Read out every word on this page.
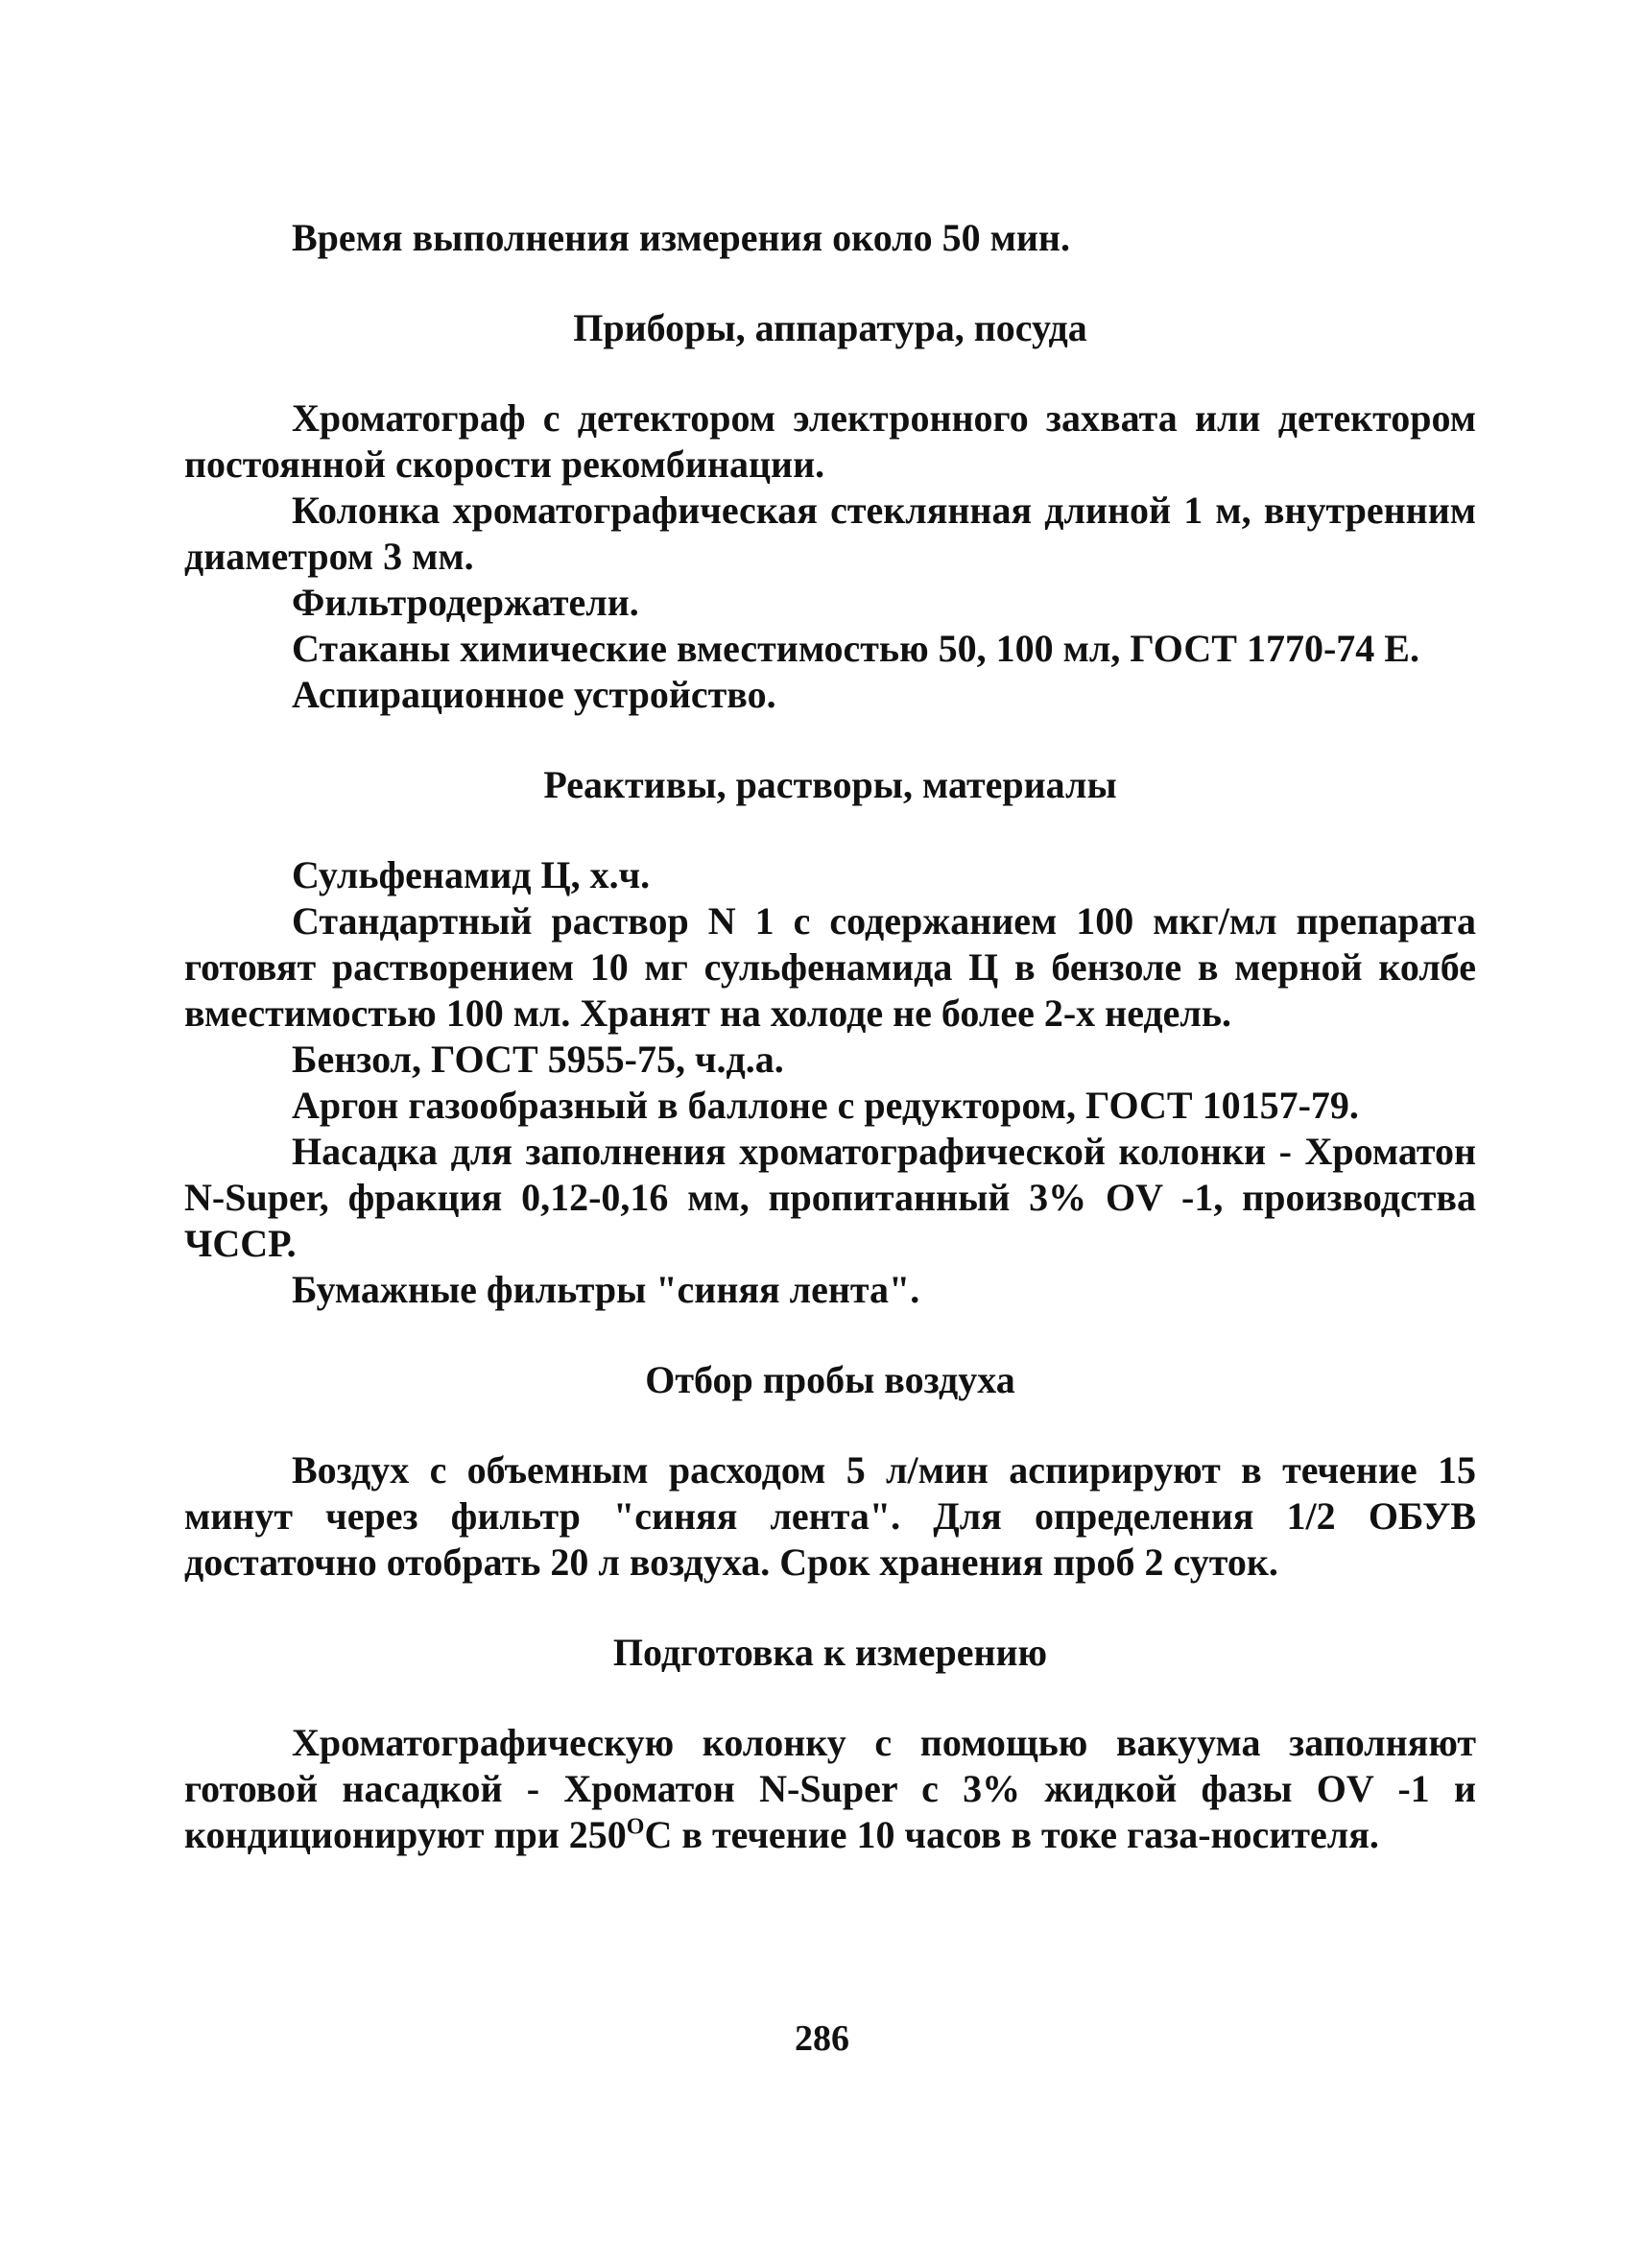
Время выполнения измерения около 50 мин.

Приборы, аппаратура, посуда

Хроматограф с детектором электронного захвата или детектором постоянной скорости рекомбинации.

Колонка хроматографическая стеклянная длиной 1 м, внутренним диаметром 3 мм.

Фильтродержатели.

Стаканы химические вместимостью 50, 100 мл, ГОСТ 1770-74 Е.

Аспирационное устройство.

Реактивы, растворы, материалы

Сульфенамид Ц, х.ч.

Стандартный раствор N 1 с содержанием 100 мкг/мл препарата готовят растворением 10 мг сульфенамида Ц в бензоле в мерной колбе вместимостью 100 мл. Хранят на холоде не более 2-х недель.

Бензол, ГОСТ 5955-75, ч.д.а.

Аргон газообразный в баллоне с редуктором, ГОСТ 10157-79.

Насадка для заполнения хроматографической колонки - Хроматон N-Super, фракция 0,12-0,16 мм, пропитанный 3% OV -1, производства ЧССР.

Бумажные фильтры "синяя лента".

Отбор пробы воздуха

Воздух с объемным расходом 5 л/мин аспирируют в течение 15 минут через фильтр "синяя лента". Для определения 1/2 ОБУВ достаточно отобрать 20 л воздуха. Срок хранения проб 2 суток.

Подготовка к измерению

Хроматографическую колонку с помощью вакуума заполняют готовой насадкой - Хроматон N-Super с 3% жидкой фазы OV -1 и кондиционируют при $250^OС$ в течение 10 часов в токе газа-носителя.

286
